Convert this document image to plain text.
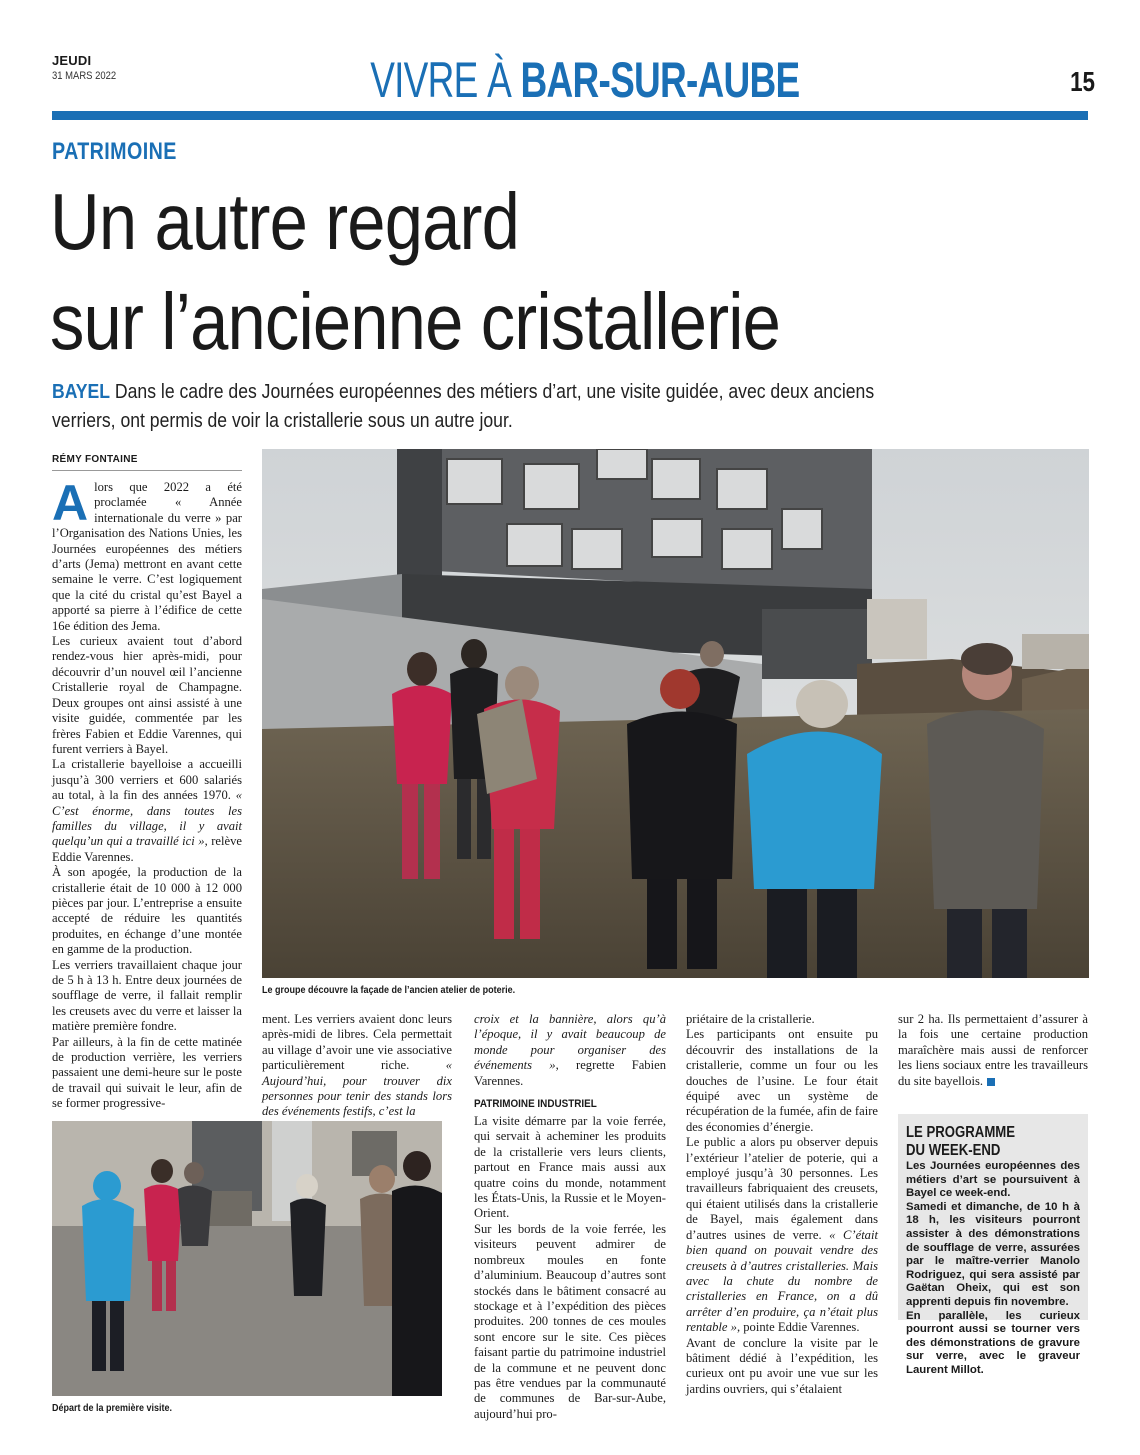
JEUDI
31 MARS 2022	VIVRE À BAR-SUR-AUBE	15
PATRIMOINE
Un autre regard
sur l’ancienne cristallerie

BAYEL Dans le cadre des Journées européennes des métiers d’art, une visite guidée, avec deux anciens verriers, ont permis de voir la cristallerie sous un autre jour.

RÉMY FONTAINE

Alors que 2022 a été proclamée « Année internationale du verre » par l’Organisation des Nations Unies, les Journées européennes des métiers d’arts (Jema) mettront en avant cette semaine le verre. C’est logiquement que la cité du cristal qu’est Bayel a apporté sa pierre à l’édifice de cette 16e édition des Jema.

Les curieux avaient tout d’abord rendez-vous hier après-midi, pour découvrir d’un nouvel œil l’ancienne Cristallerie royal de Champagne. Deux groupes ont ainsi assisté à une visite guidée, commentée par les frères Fabien et Eddie Varennes, qui furent verriers à Bayel.

La cristallerie bayelloise a accueilli jusqu’à 300 verriers et 600 salariés au total, à la fin des années 1970. « C’est énorme, dans toutes les familles du village, il y avait quelqu’un qui a travaillé ici », relève Eddie Varennes.

À son apogée, la production de la cristallerie était de 10 000 à 12 000 pièces par jour. L’entreprise a ensuite accepté de réduire les quantités produites, en échange d’une montée en gamme de la production.

Les verriers travaillaient chaque jour de 5 h à 13 h. Entre deux journées de soufflage de verre, il fallait remplir les creusets avec du verre et laisser la matière première fondre.

Par ailleurs, à la fin de cette matinée de production verrière, les verriers passaient une demi-heure sur le poste de travail qui suivait le leur, afin de se former progressive-

Le groupe découvre la façade de l’ancien atelier de poterie.

ment. Les verriers avaient donc leurs après-midi de libres. Cela permettait au village d’avoir une vie associative particulièrement riche. « Aujourd’hui, pour trouver dix personnes pour tenir des stands lors des événements festifs, c’est la

Départ de la première visite.

croix et la bannière, alors qu’à l’époque, il y avait beaucoup de monde pour organiser des événements », regrette Fabien Varennes.

PATRIMOINE INDUSTRIEL

La visite démarre par la voie ferrée, qui servait à acheminer les produits de la cristallerie vers leurs clients, partout en France mais aussi aux quatre coins du monde, notamment les États-Unis, la Russie et le Moyen-Orient.

Sur les bords de la voie ferrée, les visiteurs peuvent admirer de nombreux moules en fonte d’aluminium. Beaucoup d’autres sont stockés dans le bâtiment consacré au stockage et à l’expédition des pièces produites. 200 tonnes de ces moules sont encore sur le site. Ces pièces faisant partie du patrimoine industriel de la commune et ne peuvent donc pas être vendues par la communauté de communes de Bar-sur-Aube, aujourd’hui pro-

priétaire de la cristallerie.

Les participants ont ensuite pu découvrir des installations de la cristallerie, comme un four ou les douches de l’usine. Le four était équipé avec un système de récupération de la fumée, afin de faire des économies d’énergie.

Le public a alors pu observer depuis l’extérieur l’atelier de poterie, qui a employé jusqu’à 30 personnes. Les travailleurs fabriquaient des creusets, qui étaient utilisés dans la cristallerie de Bayel, mais également dans d’autres usines de verre. « C’était bien quand on pouvait vendre des creusets à d’autres cristalleries. Mais avec la chute du nombre de cristalleries en France, on a dû arrêter d’en produire, ça n’était plus rentable », pointe Eddie Varennes.

Avant de conclure la visite par le bâtiment dédié à l’expédition, les curieux ont pu avoir une vue sur les jardins ouvriers, qui s’étalaient

sur 2 ha. Ils permettaient d’assurer à la fois une certaine production maraîchère mais aussi de renforcer les liens sociaux entre les travailleurs du site bayellois.

LE PROGRAMME
DU WEEK-END

Les Journées européennes des métiers d’art se poursuivent à Bayel ce week-end.

Samedi et dimanche, de 10 h à 18 h, les visiteurs pourront assister à des démonstrations de soufflage de verre, assurées par le maître-verrier Manolo Rodriguez, qui sera assisté par Gaëtan Oheix, qui est son apprenti depuis fin novembre.

En parallèle, les curieux pourront aussi se tourner vers des démonstrations de gravure sur verre, avec le graveur Laurent Millot.
